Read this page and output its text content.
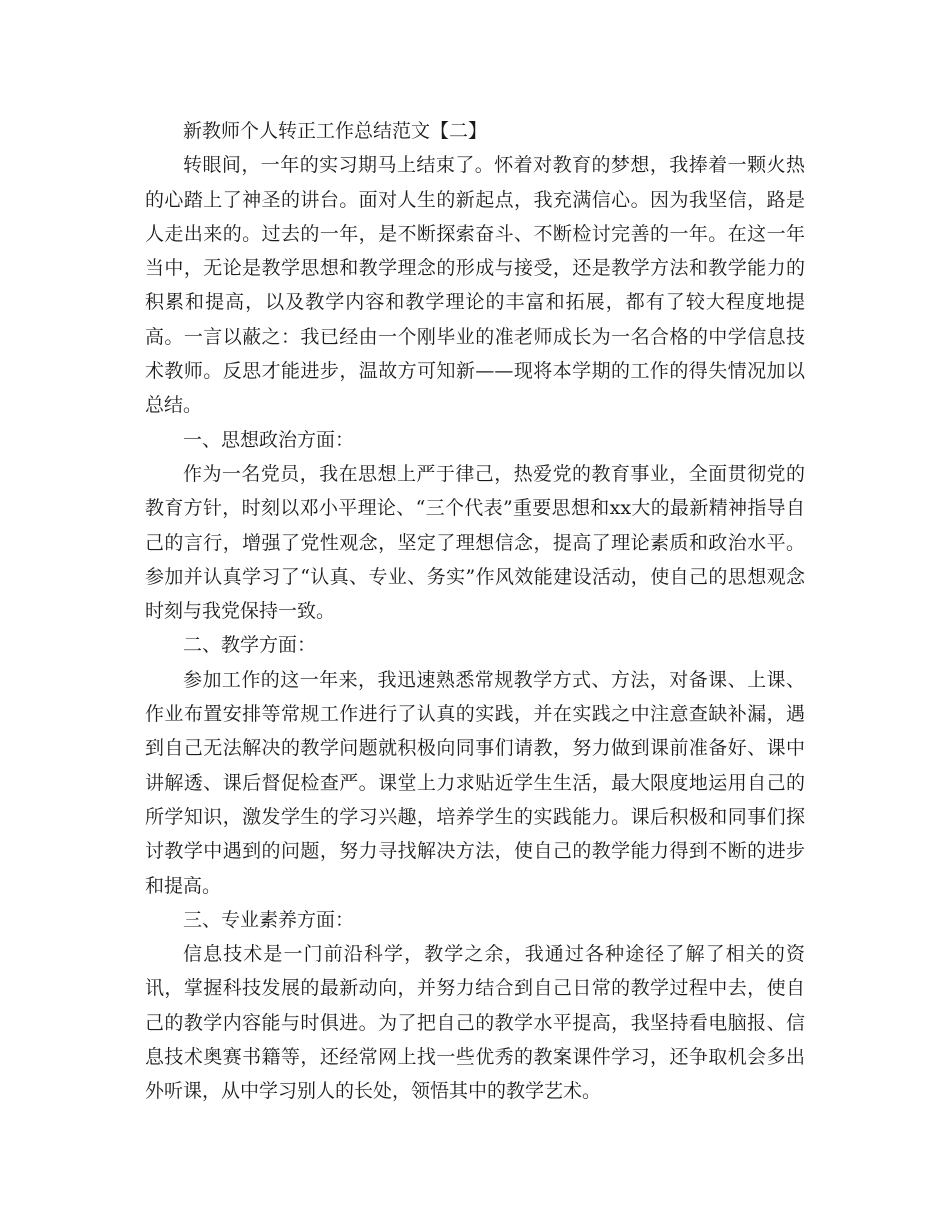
新教师个人转正工作总结范文【二】

转眼间，一年的实习期马上结束了。怀着对教育的梦想，我捧着一颗火热的心踏上了神圣的讲台。面对人生的新起点，我充满信心。因为我坚信，路是人走出来的。过去的一年，是不断探索奋斗、不断检讨完善的一年。在这一年当中，无论是教学思想和教学理念的形成与接受，还是教学方法和教学能力的积累和提高，以及教学内容和教学理论的丰富和拓展，都有了较大程度地提高。一言以蔽之：我已经由一个刚毕业的准老师成长为一名合格的中学信息技术教师。反思才能进步，温故方可知新——现将本学期的工作的得失情况加以总结。

一、思想政治方面：

作为一名党员，我在思想上严于律己，热爱党的教育事业，全面贯彻党的教育方针，时刻以邓小平理论、“三个代表”重要思想和xx大的最新精神指导自己的言行，增强了党性观念，坚定了理想信念，提高了理论素质和政治水平。参加并认真学习了“认真、专业、务实”作风效能建设活动，使自己的思想观念时刻与我党保持一致。

二、教学方面：

参加工作的这一年来，我迅速熟悉常规教学方式、方法，对备课、上课、作业布置安排等常规工作进行了认真的实践，并在实践之中注意查缺补漏，遇到自己无法解决的教学问题就积极向同事们请教，努力做到课前准备好、课中讲解透、课后督促检查严。课堂上力求贴近学生生活，最大限度地运用自己的所学知识，激发学生的学习兴趣，培养学生的实践能力。课后积极和同事们探讨教学中遇到的问题，努力寻找解决方法，使自己的教学能力得到不断的进步和提高。

三、专业素养方面：

信息技术是一门前沿科学，教学之余，我通过各种途径了解了相关的资讯，掌握科技发展的最新动向，并努力结合到自己日常的教学过程中去，使自己的教学内容能与时俱进。为了把自己的教学水平提高，我坚持看电脑报、信息技术奥赛书籍等，还经常网上找一些优秀的教案课件学习，还争取机会多出外听课，从中学习别人的长处，领悟其中的教学艺术。
